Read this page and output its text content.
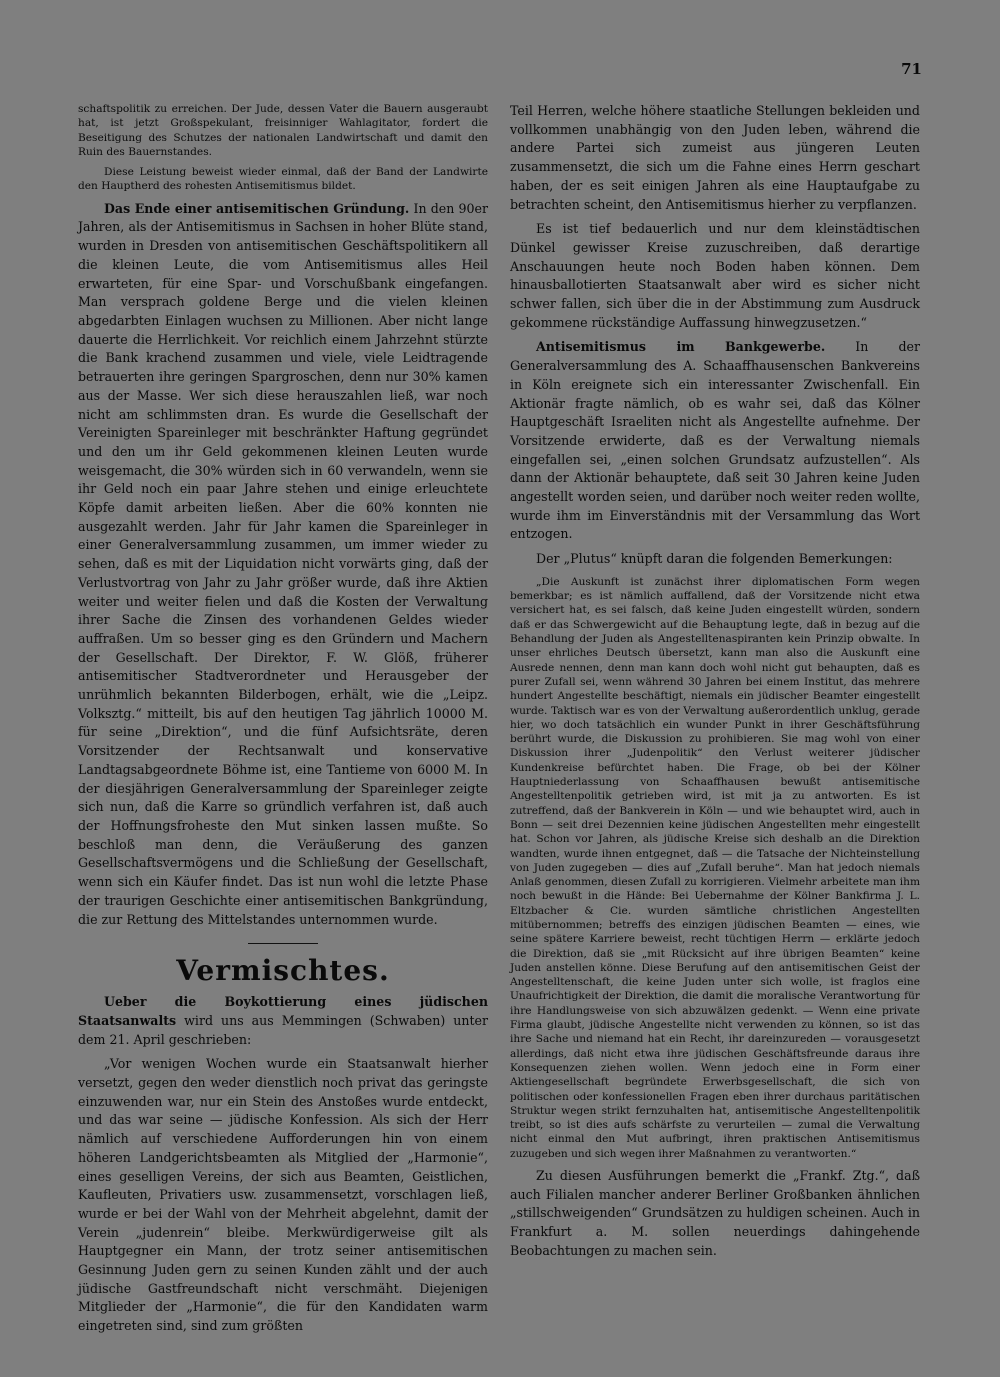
71

schaftspolitik zu erreichen. Der Jude, dessen Vater die Bauern ausgeraubt hat, ist jetzt Großspekulant, freisinniger Wahlagitator, fordert die Beseitigung des Schutzes der nationalen Landwirtschaft und damit den Ruin des Bauernstandes.

Diese Leistung beweist wieder einmal, daß der Band der Landwirte den Hauptherd des rohesten Antisemitismus bildet.

Das Ende einer antisemitischen Gründung. In den 90er Jahren, als der Antisemitismus in Sachsen in hoher Blüte stand, wurden in Dresden von antisemitischen Geschäftspolitikern all die kleinen Leute, die vom Antisemitismus alles Heil erwarteten, für eine Spar- und Vorschußbank eingefangen. Man versprach goldene Berge und die vielen kleinen abgedarbten Einlagen wuchsen zu Millionen. Aber nicht lange dauerte die Herrlichkeit. Vor reichlich einem Jahrzehnt stürzte die Bank krachend zusammen und viele, viele Leidtragende betrauerten ihre geringen Spargroschen, denn nur 30% kamen aus der Masse. Wer sich diese herauszahlen ließ, war noch nicht am schlimmsten dran. Es wurde die Gesellschaft der Vereinigten Spareinleger mit beschränkter Haftung gegründet und den um ihr Geld gekommenen kleinen Leuten wurde weisgemacht, die 30% würden sich in 60 verwandeln, wenn sie ihr Geld noch ein paar Jahre stehen und einige erleuchtete Köpfe damit arbeiten ließen. Aber die 60% konnten nie ausgezahlt werden. Jahr für Jahr kamen die Spareinleger in einer Generalversammlung zusammen, um immer wieder zu sehen, daß es mit der Liquidation nicht vorwärts ging, daß der Verlustvortrag von Jahr zu Jahr größer wurde, daß ihre Aktien weiter und weiter fielen und daß die Kosten der Verwaltung ihrer Sache die Zinsen des vorhandenen Geldes wieder auffraßen. Um so besser ging es den Gründern und Machern der Gesellschaft. Der Direktor, F. W. Glöß, früherer antisemitischer Stadtverordneter und Herausgeber der unrühmlich bekannten Bilderbogen, erhält, wie die „Leipz. Volksztg.“ mitteilt, bis auf den heutigen Tag jährlich 10000 M. für seine „Direktion“, und die fünf Aufsichtsräte, deren Vorsitzender der Rechtsanwalt und konservative Landtagsabgeordnete Böhme ist, eine Tantieme von 6000 M. In der diesjährigen Generalversammlung der Spareinleger zeigte sich nun, daß die Karre so gründlich verfahren ist, daß auch der Hoffnungsfroheste den Mut sinken lassen mußte. So beschloß man denn, die Veräußerung des ganzen Gesellschaftsvermögens und die Schließung der Gesellschaft, wenn sich ein Käufer findet. Das ist nun wohl die letzte Phase der traurigen Geschichte einer antisemitischen Bankgründung, die zur Rettung des Mittelstandes unternommen wurde.

Vermischtes.

Ueber die Boykottierung eines jüdischen Staatsanwalts wird uns aus Memmingen (Schwaben) unter dem 21. April geschrieben:

„Vor wenigen Wochen wurde ein Staatsanwalt hierher versetzt, gegen den weder dienstlich noch privat das geringste einzuwenden war, nur ein Stein des Anstoßes wurde entdeckt, und das war seine — jüdische Konfession. Als sich der Herr nämlich auf verschiedene Aufforderungen hin von einem höheren Landgerichtsbeamten als Mitglied der „Harmonie“, eines geselligen Vereins, der sich aus Beamten, Geistlichen, Kaufleuten, Privatiers usw. zusammensetzt, vorschlagen ließ, wurde er bei der Wahl von der Mehrheit abgelehnt, damit der Verein „judenrein“ bleibe. Merkwürdigerweise gilt als Hauptgegner ein Mann, der trotz seiner antisemitischen Gesinnung Juden gern zu seinen Kunden zählt und der auch jüdische Gastfreundschaft nicht verschmäht. Diejenigen Mitglieder der „Harmonie“, die für den Kandidaten warm eingetreten sind, sind zum größten

Teil Herren, welche höhere staatliche Stellungen bekleiden und vollkommen unabhängig von den Juden leben, während die andere Partei sich zumeist aus jüngeren Leuten zusammensetzt, die sich um die Fahne eines Herrn geschart haben, der es seit einigen Jahren als eine Hauptaufgabe zu betrachten scheint, den Antisemitismus hierher zu verpflanzen.

Es ist tief bedauerlich und nur dem kleinstädtischen Dünkel gewisser Kreise zuzuschreiben, daß derartige Anschauungen heute noch Boden haben können. Dem hinausballotierten Staatsanwalt aber wird es sicher nicht schwer fallen, sich über die in der Abstimmung zum Ausdruck gekommene rückständige Auffassung hinwegzusetzen.“

Antisemitismus im Bankgewerbe. In der Generalversammlung des A. Schaaffhausenschen Bankvereins in Köln ereignete sich ein interessanter Zwischenfall. Ein Aktionär fragte nämlich, ob es wahr sei, daß das Kölner Hauptgeschäft Israeliten nicht als Angestellte aufnehme. Der Vorsitzende erwiderte, daß es der Verwaltung niemals eingefallen sei, „einen solchen Grundsatz aufzustellen“. Als dann der Aktionär behauptete, daß seit 30 Jahren keine Juden angestellt worden seien, und darüber noch weiter reden wollte, wurde ihm im Einverständnis mit der Versammlung das Wort entzogen.

Der „Plutus“ knüpft daran die folgenden Bemerkungen:

„Die Auskunft ist zunächst ihrer diplomatischen Form wegen bemerkbar; es ist nämlich auffallend, daß der Vorsitzende nicht etwa versichert hat, es sei falsch, daß keine Juden eingestellt würden, sondern daß er das Schwergewicht auf die Behauptung legte, daß in bezug auf die Behandlung der Juden als Angestelltenaspiranten kein Prinzip obwalte. In unser ehrliches Deutsch übersetzt, kann man also die Auskunft eine Ausrede nennen, denn man kann doch wohl nicht gut behaupten, daß es purer Zufall sei, wenn während 30 Jahren bei einem Institut, das mehrere hundert Angestellte beschäftigt, niemals ein jüdischer Beamter eingestellt wurde. Taktisch war es von der Verwaltung außerordentlich unklug, gerade hier, wo doch tatsächlich ein wunder Punkt in ihrer Geschäftsführung berührt wurde, die Diskussion zu prohibieren. Sie mag wohl von einer Diskussion ihrer „Judenpolitik“ den Verlust weiterer jüdischer Kundenkreise befürchtet haben. Die Frage, ob bei der Kölner Hauptniederlassung von Schaaffhausen bewußt antisemitische Angestelltenpolitik getrieben wird, ist mit ja zu antworten. Es ist zutreffend, daß der Bankverein in Köln — und wie behauptet wird, auch in Bonn — seit drei Dezennien keine jüdischen Angestellten mehr eingestellt hat. Schon vor Jahren, als jüdische Kreise sich deshalb an die Direktion wandten, wurde ihnen entgegnet, daß — die Tatsache der Nichteinstellung von Juden zugegeben — dies auf „Zufall beruhe“. Man hat jedoch niemals Anlaß genommen, diesen Zufall zu korrigieren. Vielmehr arbeitete man ihm noch bewußt in die Hände: Bei Uebernahme der Kölner Bankfirma J. L. Eltzbacher & Cie. wurden sämtliche christlichen Angestellten mitübernommen; betreffs des einzigen jüdischen Beamten — eines, wie seine spätere Karriere beweist, recht tüchtigen Herrn — erklärte jedoch die Direktion, daß sie „mit Rücksicht auf ihre übrigen Beamten“ keine Juden anstellen könne. Diese Berufung auf den antisemitischen Geist der Angestelltenschaft, die keine Juden unter sich wolle, ist fraglos eine Unaufrichtigkeit der Direktion, die damit die moralische Verantwortung für ihre Handlungsweise von sich abzuwälzen gedenkt. — Wenn eine private Firma glaubt, jüdische Angestellte nicht verwenden zu können, so ist das ihre Sache und niemand hat ein Recht, ihr dareinzureden — vorausgesetzt allerdings, daß nicht etwa ihre jüdischen Geschäftsfreunde daraus ihre Konsequenzen ziehen wollen. Wenn jedoch eine in Form einer Aktiengesellschaft begründete Erwerbsgesellschaft, die sich von politischen oder konfessionellen Fragen eben ihrer durchaus paritätischen Struktur wegen strikt fernzuhalten hat, antisemitische Angestelltenpolitik treibt, so ist dies aufs schärfste zu verurteilen — zumal die Verwaltung nicht einmal den Mut aufbringt, ihren praktischen Antisemitismus zuzugeben und sich wegen ihrer Maßnahmen zu verantworten.“

Zu diesen Ausführungen bemerkt die „Frankf. Ztg.“, daß auch Filialen mancher anderer Berliner Großbanken ähnlichen „stillschweigenden“ Grundsätzen zu huldigen scheinen. Auch in Frankfurt a. M. sollen neuerdings dahingehende Beobachtungen zu machen sein.
